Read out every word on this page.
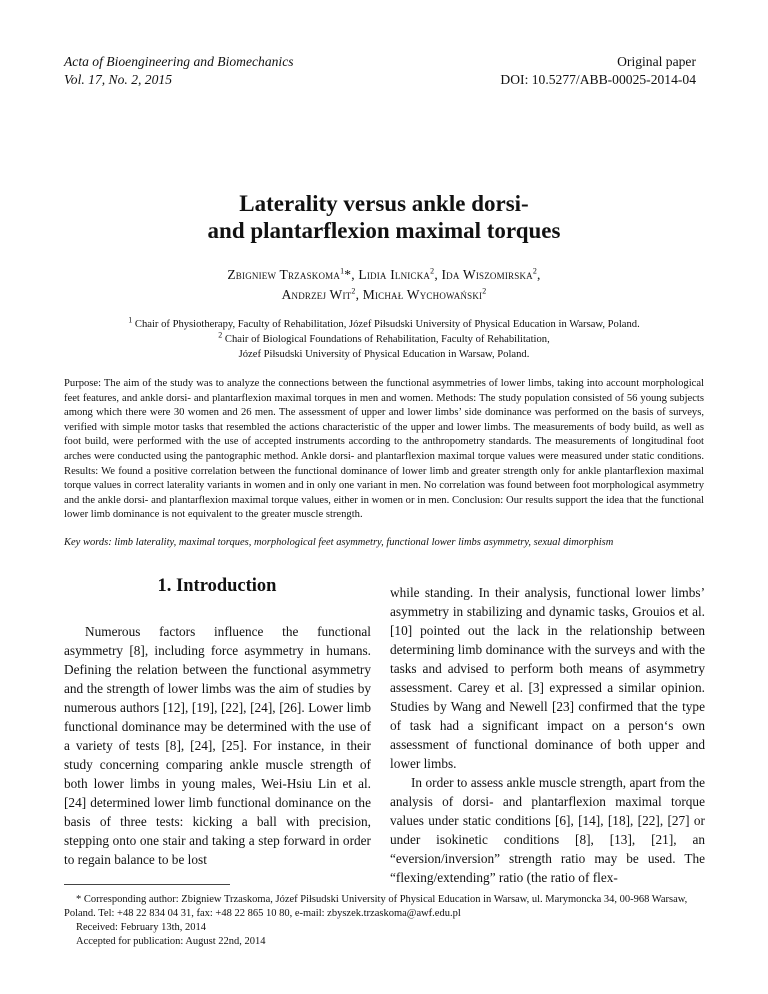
Acta of Bioengineering and Biomechanics
Vol. 17, No. 2, 2015
Original paper
DOI: 10.5277/ABB-00025-2014-04
Laterality versus ankle dorsi-
and plantarflexion maximal torques
Zbigniew Trzaskoma$^1$*, Lidia Ilnicka$^2$, Ida Wiszomirska$^2$,
Andrzej Wit$^2$, Michał Wychowański$^2$
$^1$ Chair of Physiotherapy, Faculty of Rehabilitation, Józef Piłsudski University of Physical Education in Warsaw, Poland.
$^2$ Chair of Biological Foundations of Rehabilitation, Faculty of Rehabilitation,
Józef Piłsudski University of Physical Education in Warsaw, Poland.
Purpose: The aim of the study was to analyze the connections between the functional asymmetries of lower limbs, taking into account morphological feet features, and ankle dorsi- and plantarflexion maximal torques in men and women. Methods: The study population consisted of 56 young subjects among which there were 30 women and 26 men. The assessment of upper and lower limbs’ side dominance was performed on the basis of surveys, verified with simple motor tasks that resembled the actions characteristic of the upper and lower limbs. The measurements of body build, as well as foot build, were performed with the use of accepted instruments according to the anthropometry standards. The measurements of longitudinal foot arches were conducted using the pantographic method. Ankle dorsi- and plantarflexion maximal torque values were measured under static conditions. Results: We found a positive correlation between the functional dominance of lower limb and greater strength only for ankle plantarflexion maximal torque values in correct laterality variants in women and in only one variant in men. No correlation was found between foot morphological asymmetry and the ankle dorsi- and plantarflexion maximal torque values, either in women or in men. Conclusion: Our results support the idea that the functional lower limb dominance is not equivalent to the greater muscle strength.
Key words: limb laterality, maximal torques, morphological feet asymmetry, functional lower limbs asymmetry, sexual dimorphism
1. Introduction

Numerous factors influence the functional asymmetry [8], including force asymmetry in humans. Defining the relation between the functional asymmetry and the strength of lower limbs was the aim of studies by numerous authors [12], [19], [22], [24], [26]. Lower limb functional dominance may be determined with the use of a variety of tests [8], [24], [25]. For instance, in their study concerning comparing ankle muscle strength of both lower limbs in young males, Wei-Hsiu Lin et al. [24] determined lower limb functional dominance on the basis of three tests: kicking a ball with precision, stepping onto one stair and taking a step forward in order to regain balance to be lost

while standing. In their analysis, functional lower limbs’ asymmetry in stabilizing and dynamic tasks, Grouios et al. [10] pointed out the lack in the relationship between determining limb dominance with the surveys and with the tasks and advised to perform both means of asymmetry assessment. Carey et al. [3] expressed a similar opinion. Studies by Wang and Newell [23] confirmed that the type of task had a significant impact on a person‘s own assessment of functional dominance of both upper and lower limbs.

In order to assess ankle muscle strength, apart from the analysis of dorsi- and plantarflexion maximal torque values under static conditions [6], [14], [18], [22], [27] or under isokinetic conditions [8], [13], [21], an “eversion/inversion” strength ratio may be used. The “flexing/extending” ratio (the ratio of flex-

* Corresponding author: Zbigniew Trzaskoma, Józef Piłsudski University of Physical Education in Warsaw, ul. Marymoncka 34, 00-968 Warsaw, Poland. Tel: +48 22 834 04 31, fax: +48 22 865 10 80, e-mail: zbyszek.trzaskoma@awf.edu.pl
Received: February 13th, 2014
Accepted for publication: August 22nd, 2014
